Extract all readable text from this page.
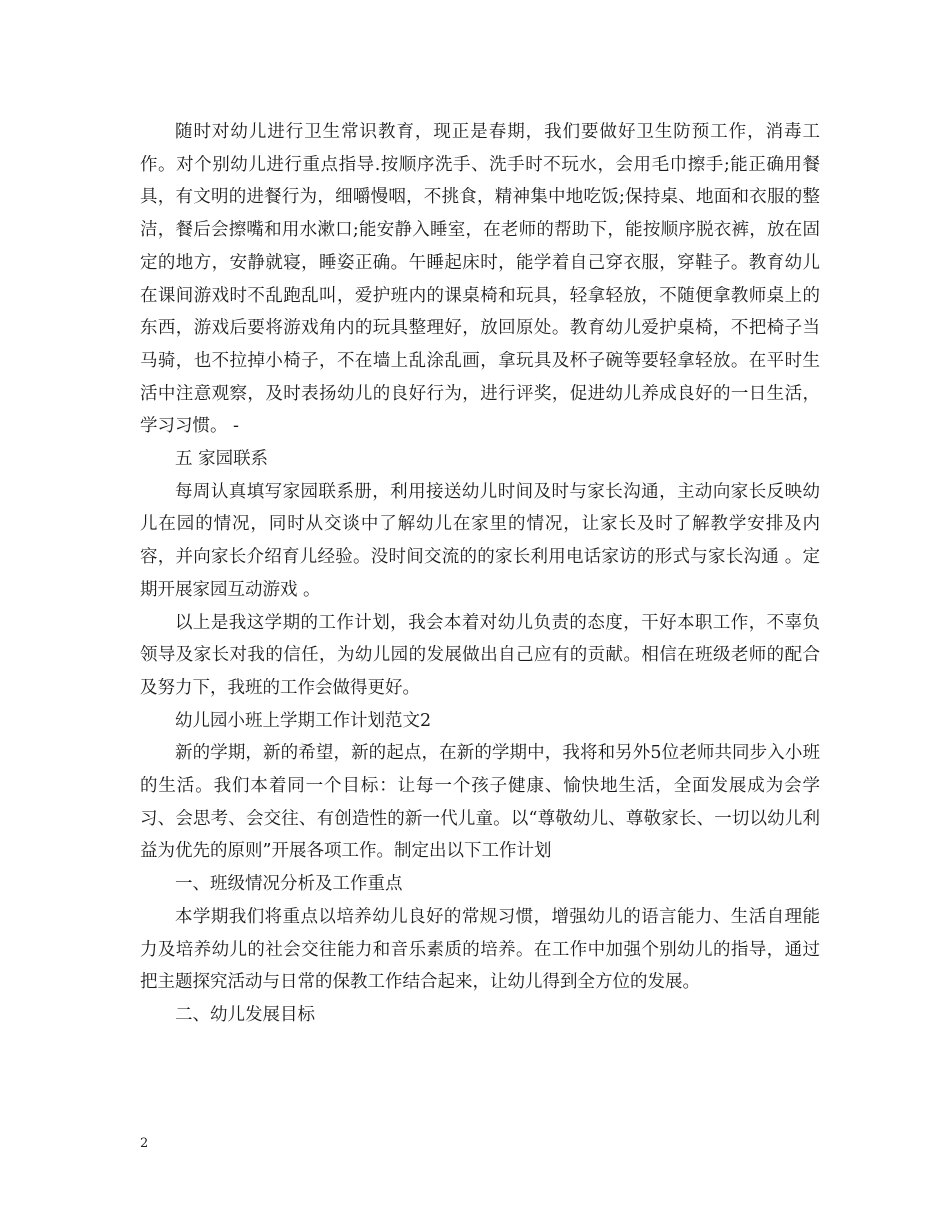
随时对幼儿进行卫生常识教育，现正是春期，我们要做好卫生防预工作，消毒工作。对个别幼儿进行重点指导.按顺序洗手、洗手时不玩水，会用毛巾擦手;能正确用餐具，有文明的进餐行为，细嚼慢咽，不挑食，精神集中地吃饭;保持桌、地面和衣服的整洁，餐后会擦嘴和用水漱口;能安静入睡室，在老师的帮助下，能按顺序脱衣裤，放在固定的地方，安静就寝，睡姿正确。午睡起床时，能学着自己穿衣服，穿鞋子。教育幼儿在课间游戏时不乱跑乱叫，爱护班内的课桌椅和玩具，轻拿轻放，不随便拿教师桌上的东西，游戏后要将游戏角内的玩具整理好，放回原处。教育幼儿爱护桌椅，不把椅子当马骑，也不拉掉小椅子，不在墙上乱涂乱画，拿玩具及杯子碗等要轻拿轻放。在平时生活中注意观察，及时表扬幼儿的良好行为，进行评奖，促进幼儿养成良好的一日生活，学习习惯。 -

五 家园联系

每周认真填写家园联系册，利用接送幼儿时间及时与家长沟通，主动向家长反映幼儿在园的情况，同时从交谈中了解幼儿在家里的情况，让家长及时了解教学安排及内容，并向家长介绍育儿经验。没时间交流的的家长利用电话家访的形式与家长沟通 。定期开展家园互动游戏 。

以上是我这学期的工作计划，我会本着对幼儿负责的态度，干好本职工作，不辜负领导及家长对我的信任，为幼儿园的发展做出自己应有的贡献。相信在班级老师的配合及努力下，我班的工作会做得更好。

幼儿园小班上学期工作计划范文2

新的学期，新的希望，新的起点，在新的学期中，我将和另外5位老师共同步入小班的生活。我们本着同一个目标：让每一个孩子健康、愉快地生活，全面发展成为会学习、会思考、会交往、有创造性的新一代儿童。以“尊敬幼儿、尊敬家长、一切以幼儿利益为优先的原则”开展各项工作。制定出以下工作计划

一、班级情况分析及工作重点

本学期我们将重点以培养幼儿良好的常规习惯，增强幼儿的语言能力、生活自理能力及培养幼儿的社会交往能力和音乐素质的培养。在工作中加强个别幼儿的指导，通过把主题探究活动与日常的保教工作结合起来，让幼儿得到全方位的发展。

二、幼儿发展目标

2
